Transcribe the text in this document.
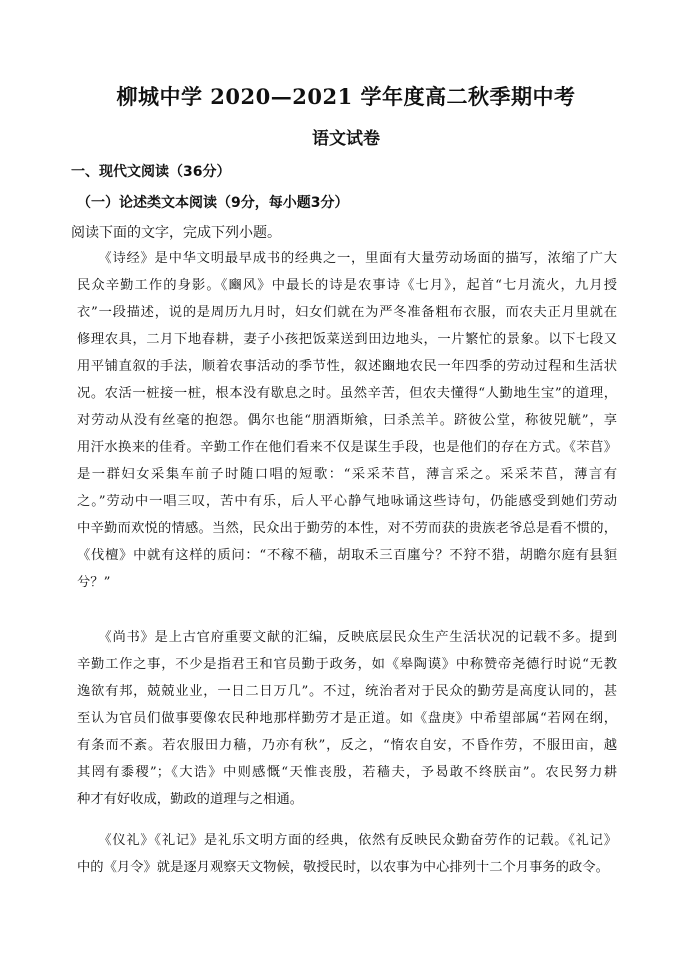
柳城中学 2020—2021 学年度高二秋季期中考
语文试卷
一、现代文阅读（36分）
（一）论述类文本阅读（9分，每小题3分）
阅读下面的文字，完成下列小题。
　　《诗经》是中华文明最早成书的经典之一，里面有大量劳动场面的描写，浓缩了广大
民众辛勤工作的身影。《豳风》中最长的诗是农事诗《七月》，起首“七月流火，九月授
衣”一段描述，说的是周历九月时，妇女们就在为严冬准备粗布衣服，而农夫正月里就在
修理农具，二月下地春耕，妻子小孩把饭菜送到田边地头，一片繁忙的景象。以下七段又
用平铺直叙的手法，顺着农事活动的季节性，叙述豳地农民一年四季的劳动过程和生活状
况。农活一桩接一桩，根本没有歇息之时。虽然辛苦，但农夫懂得“人勤地生宝”的道理，
对劳动从没有丝毫的抱怨。偶尔也能“朋酒斯飨，曰杀羔羊。跻彼公堂，称彼兕觥”，享
用汗水换来的佳肴。辛勤工作在他们看来不仅是谋生手段，也是他们的存在方式。《芣苢》
是一群妇女采集车前子时随口唱的短歌：“采采芣苢，薄言采之。采采芣苢，薄言有
之。”劳动中一唱三叹，苦中有乐，后人平心静气地咏诵这些诗句，仍能感受到她们劳动
中辛勤而欢悦的情感。当然，民众出于勤劳的本性，对不劳而获的贵族老爷总是看不惯的，
《伐檀》中就有这样的质问：“不稼不穑，胡取禾三百廛兮？不狩不猎，胡瞻尔庭有县貆
兮？”
　　《尚书》是上古官府重要文献的汇编，反映底层民众生产生活状况的记载不多。提到
辛勤工作之事，不少是指君王和官员勤于政务，如《皋陶谟》中称赞帝尧德行时说“无教
逸欲有邦，兢兢业业，一日二日万几”。不过，统治者对于民众的勤劳是高度认同的，甚
至认为官员们做事要像农民种地那样勤劳才是正道。如《盘庚》中希望部属“若网在纲，
有条而不紊。若农服田力穑，乃亦有秋”，反之，“惰农自安，不昏作劳，不服田亩，越
其罔有黍稷”；《大诰》中则感慨“天惟丧殷，若穑夫，予曷敢不终朕亩”。农民努力耕
种才有好收成，勤政的道理与之相通。
　　《仪礼》《礼记》是礼乐文明方面的经典，依然有反映民众勤奋劳作的记载。《礼记》
中的《月令》就是逐月观察天文物候，敬授民时，以农事为中心排列十二个月事务的政令。
